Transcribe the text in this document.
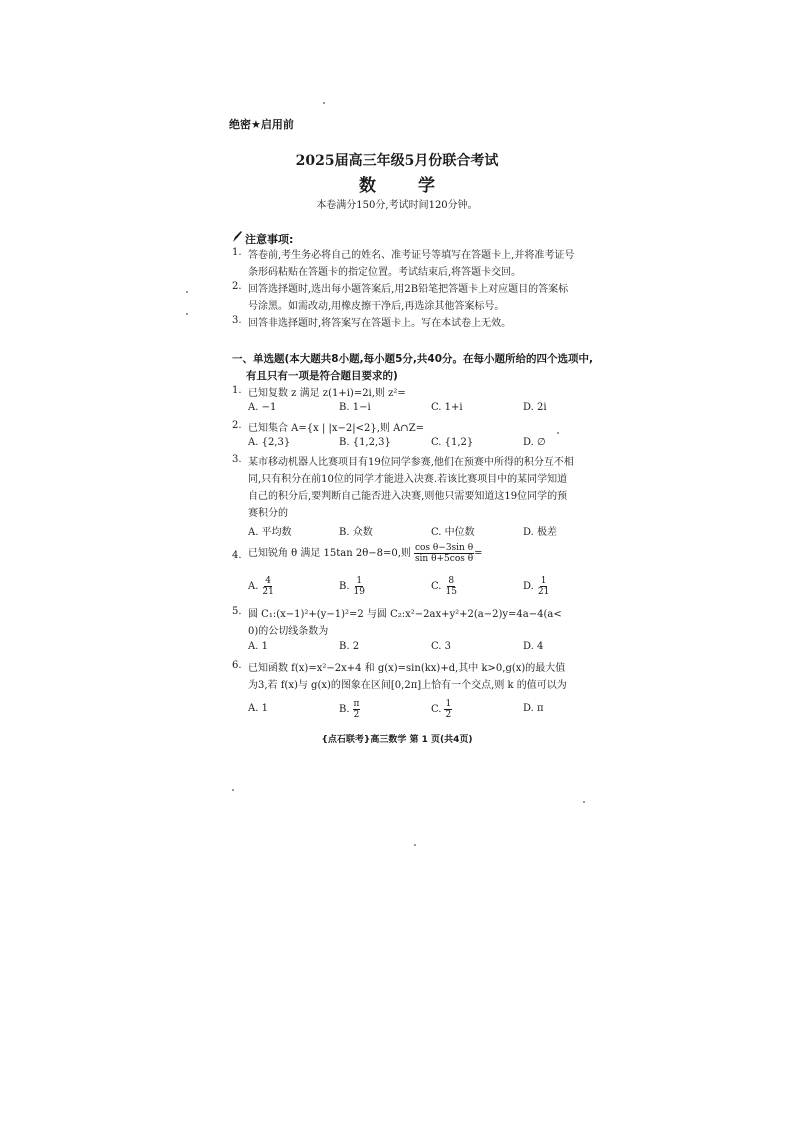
绝密★启用前
2025届高三年级5月份联合考试
数 学
本卷满分150分,考试时间120分钟。
注意事项:
1. 答卷前,考生务必将自己的姓名、准考证号等填写在答题卡上,并将准考证号
条形码粘贴在答题卡的指定位置。考试结束后,将答题卡交回。
2. 回答选择题时,选出每小题答案后,用2B铅笔把答题卡上对应题目的答案标
号涂黑。如需改动,用橡皮擦干净后,再选涂其他答案标号。
3. 回答非选择题时,将答案写在答题卡上。写在本试卷上无效。
一、单选题(本大题共8小题,每小题5分,共40分。在每小题所给的四个选项中,
有且只有一项是符合题目要求的)
1. 已知复数 z 满足 z(1+i)=2i,则 z²=
A. −1	B. 1−i	C. 1+i	D. 2i
2. 已知集合 A={x | |x−2|<2},则 A∩Z=
A. {2,3}	B. {1,2,3}	C. {1,2}	D. ∅
3. 某市移动机器人比赛项目有19位同学参赛,他们在预赛中所得的积分互不相
同,只有积分在前10位的同学才能进入决赛.若该比赛项目中的某同学知道
自己的积分后,要判断自己能否进入决赛,则他只需要知道这19位同学的预
赛积分的
A. 平均数	B. 众数	C. 中位数	D. 极差
4. 已知锐角 θ 满足 15tan 2θ−8=0,则 $\frac{\text{cos θ−3sin θ}}{\text{sin θ+5cos θ}}$ =
A. $\frac{4}{21}$	B. $\frac{1}{19}$	C. $\frac{8}{15}$	D. $\frac{1}{21}$
5. 圆 C₁:(x−1)²+(y−1)²=2 与圆 C₂:x²−2ax+y²+2(a−2)y=4a−4(a<
0)的公切线条数为
A. 1	B. 2	C. 3	D. 4
6. 已知函数 f(x)=x²−2x+4 和 g(x)=sin(kx)+d,其中 k>0,g(x)的最大值
为3,若 f(x)与 g(x)的图象在区间[0,2π]上恰有一个交点,则 k 的值可以为
A. 1	B. $\frac{\pi}{2}$	C. $\frac{1}{2}$	D. π
{点石联考}高三数学 第 1 页(共4页)
